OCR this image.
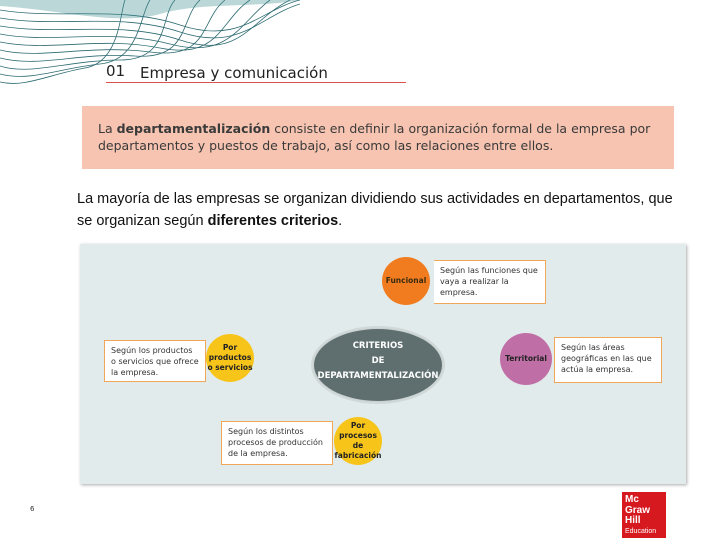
01 Empresa y comunicación
La departamentalización consiste en definir la organización formal de la empresa por departamentos y puestos de trabajo, así como las relaciones entre ellos.
La mayoría de las empresas se organizan dividiendo sus actividades en departamentos, que se organizan según diferentes criterios.
CRITERIOS
DE
DEPARTAMENTALIZACIÓN
Funcional
Según las funciones que vaya a realizar la empresa.
Territorial
Según las áreas geográficas en las que actúa la empresa.
Según los productos o servicios que ofrece la empresa.
Por productos o servicios
Según los distintos procesos de producción de la empresa.
Por procesos de fabricación
6
Mc
Graw
Hill
Education
